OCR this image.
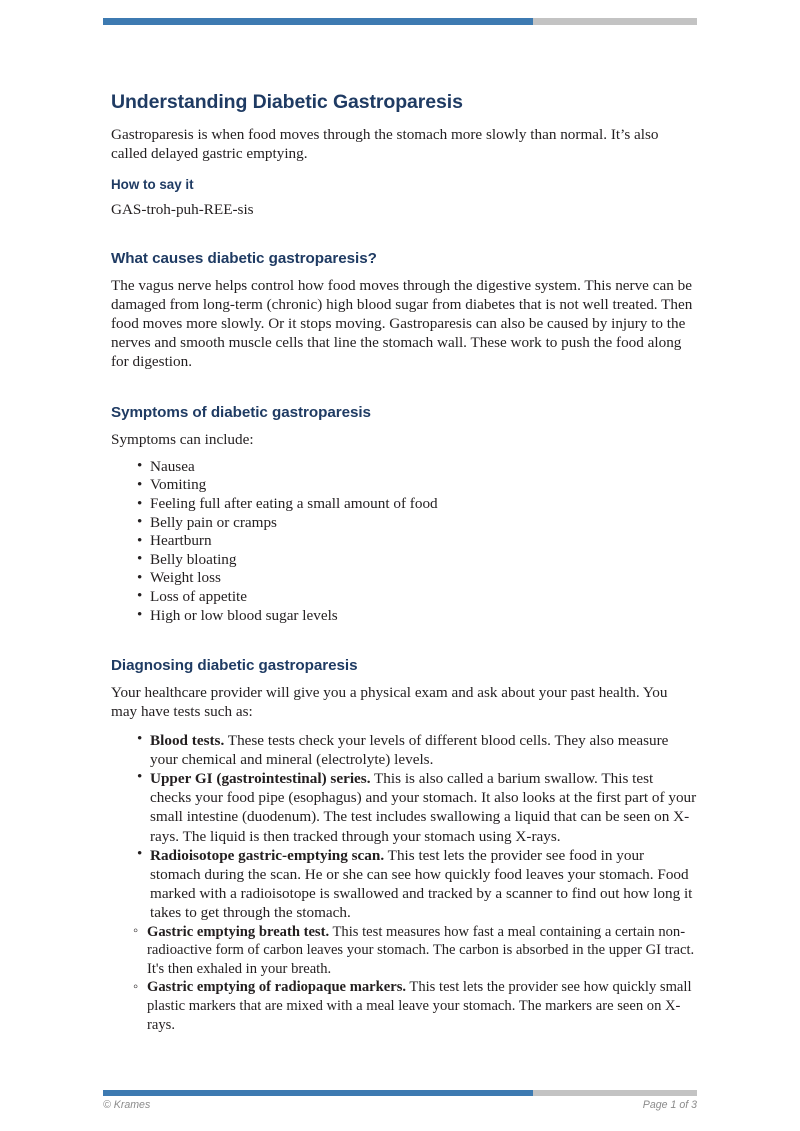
Understanding Diabetic Gastroparesis

Gastroparesis is when food moves through the stomach more slowly than normal. It’s also called delayed gastric emptying.

How to say it

GAS-troh-puh-REE-sis

What causes diabetic gastroparesis?

The vagus nerve helps control how food moves through the digestive system. This nerve can be damaged from long-term (chronic) high blood sugar from diabetes that is not well treated. Then food moves more slowly. Or it stops moving. Gastroparesis can also be caused by injury to the nerves and smooth muscle cells that line the stomach wall. These work to push the food along for digestion.

Symptoms of diabetic gastroparesis

Symptoms can include:

• Nausea
• Vomiting
• Feeling full after eating a small amount of food
• Belly pain or cramps
• Heartburn
• Belly bloating
• Weight loss
• Loss of appetite
• High or low blood sugar levels
Diagnosing diabetic gastroparesis

Your healthcare provider will give you a physical exam and ask about your past health. You may have tests such as:

• Blood tests. These tests check your levels of different blood cells. They also measure your chemical and mineral (electrolyte) levels.
• Upper GI (gastrointestinal) series. This is also called a barium swallow. This test checks your food pipe (esophagus) and your stomach. It also looks at the first part of your small intestine (duodenum). The test includes swallowing a liquid that can be seen on X-rays. The liquid is then tracked through your stomach using X-rays.
• Radioisotope gastric-emptying scan. This test lets the provider see food in your stomach during the scan. He or she can see how quickly food leaves your stomach. Food marked with a radioisotope is swallowed and tracked by a scanner to find out how long it takes to get through the stomach.
◦ Gastric emptying breath test. This test measures how fast a meal containing a certain non-radioactive form of carbon leaves your stomach. The carbon is absorbed in the upper GI tract. It's then exhaled in your breath.
◦ Gastric emptying of radiopaque markers. This test lets the provider see how quickly small plastic markers that are mixed with a meal leave your stomach. The markers are seen on X-rays.
© Krames	Page 1 of 3
